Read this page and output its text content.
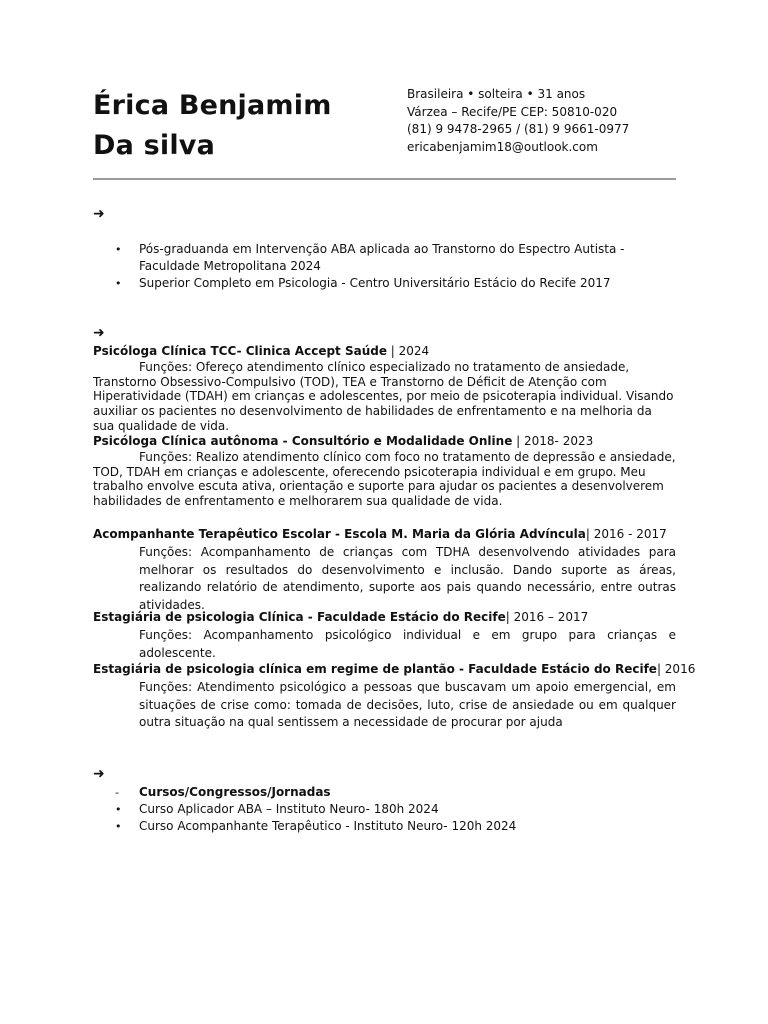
Érica Benjamim
Da silva
Brasileira • solteira • 31 anos
Várzea – Recife/PE CEP: 50810-020
(81) 9 9478-2965 / (81) 9 9661-0977
ericabenjamim18@outlook.com
➜
• Pós-graduanda em Intervenção ABA aplicada ao Transtorno do Espectro Autista -Faculdade Metropolitana 2024
• Superior Completo em Psicologia - Centro Universitário Estácio do Recife 2017
➜
Psicóloga Clínica TCC- Clinica Accept Saúde | 2024
Funções: Ofereço atendimento clínico especializado no tratamento de ansiedade, Transtorno Obsessivo-Compulsivo (TOD), TEA e Transtorno de Déficit de Atenção com Hiperatividade (TDAH) em crianças e adolescentes, por meio de psicoterapia individual. Visando auxiliar os pacientes no desenvolvimento de habilidades de enfrentamento e na melhoria da sua qualidade de vida.
Psicóloga Clínica autônoma - Consultório e Modalidade Online | 2018- 2023
Funções: Realizo atendimento clínico com foco no tratamento de depressão e ansiedade, TOD, TDAH em crianças e adolescente, oferecendo psicoterapia individual e em grupo. Meu trabalho envolve escuta ativa, orientação e suporte para ajudar os pacientes a desenvolverem habilidades de enfrentamento e melhorarem sua qualidade de vida.
Acompanhante Terapêutico Escolar - Escola M. Maria da Glória Advíncula| 2016 - 2017
Funções: Acompanhamento de crianças com TDHA desenvolvendo atividades para melhorar os resultados do desenvolvimento e inclusão. Dando suporte as áreas, realizando relatório de atendimento, suporte aos pais quando necessário, entre outras atividades.
Estagiária de psicologia Clínica - Faculdade Estácio do Recife| 2016 – 2017
Funções: Acompanhamento psicológico individual e em grupo para crianças e adolescente.
Estagiária de psicologia clínica em regime de plantão - Faculdade Estácio do Recife| 2016
Funções: Atendimento psicológico a pessoas que buscavam um apoio emergencial, em situações de crise como: tomada de decisões, luto, crise de ansiedade ou em qualquer outra situação na qual sentissem a necessidade de procurar por ajuda
➜
- Cursos/Congressos/Jornadas
• Curso Aplicador ABA – Instituto Neuro- 180h 2024
• Curso Acompanhante Terapêutico - Instituto Neuro- 120h 2024
